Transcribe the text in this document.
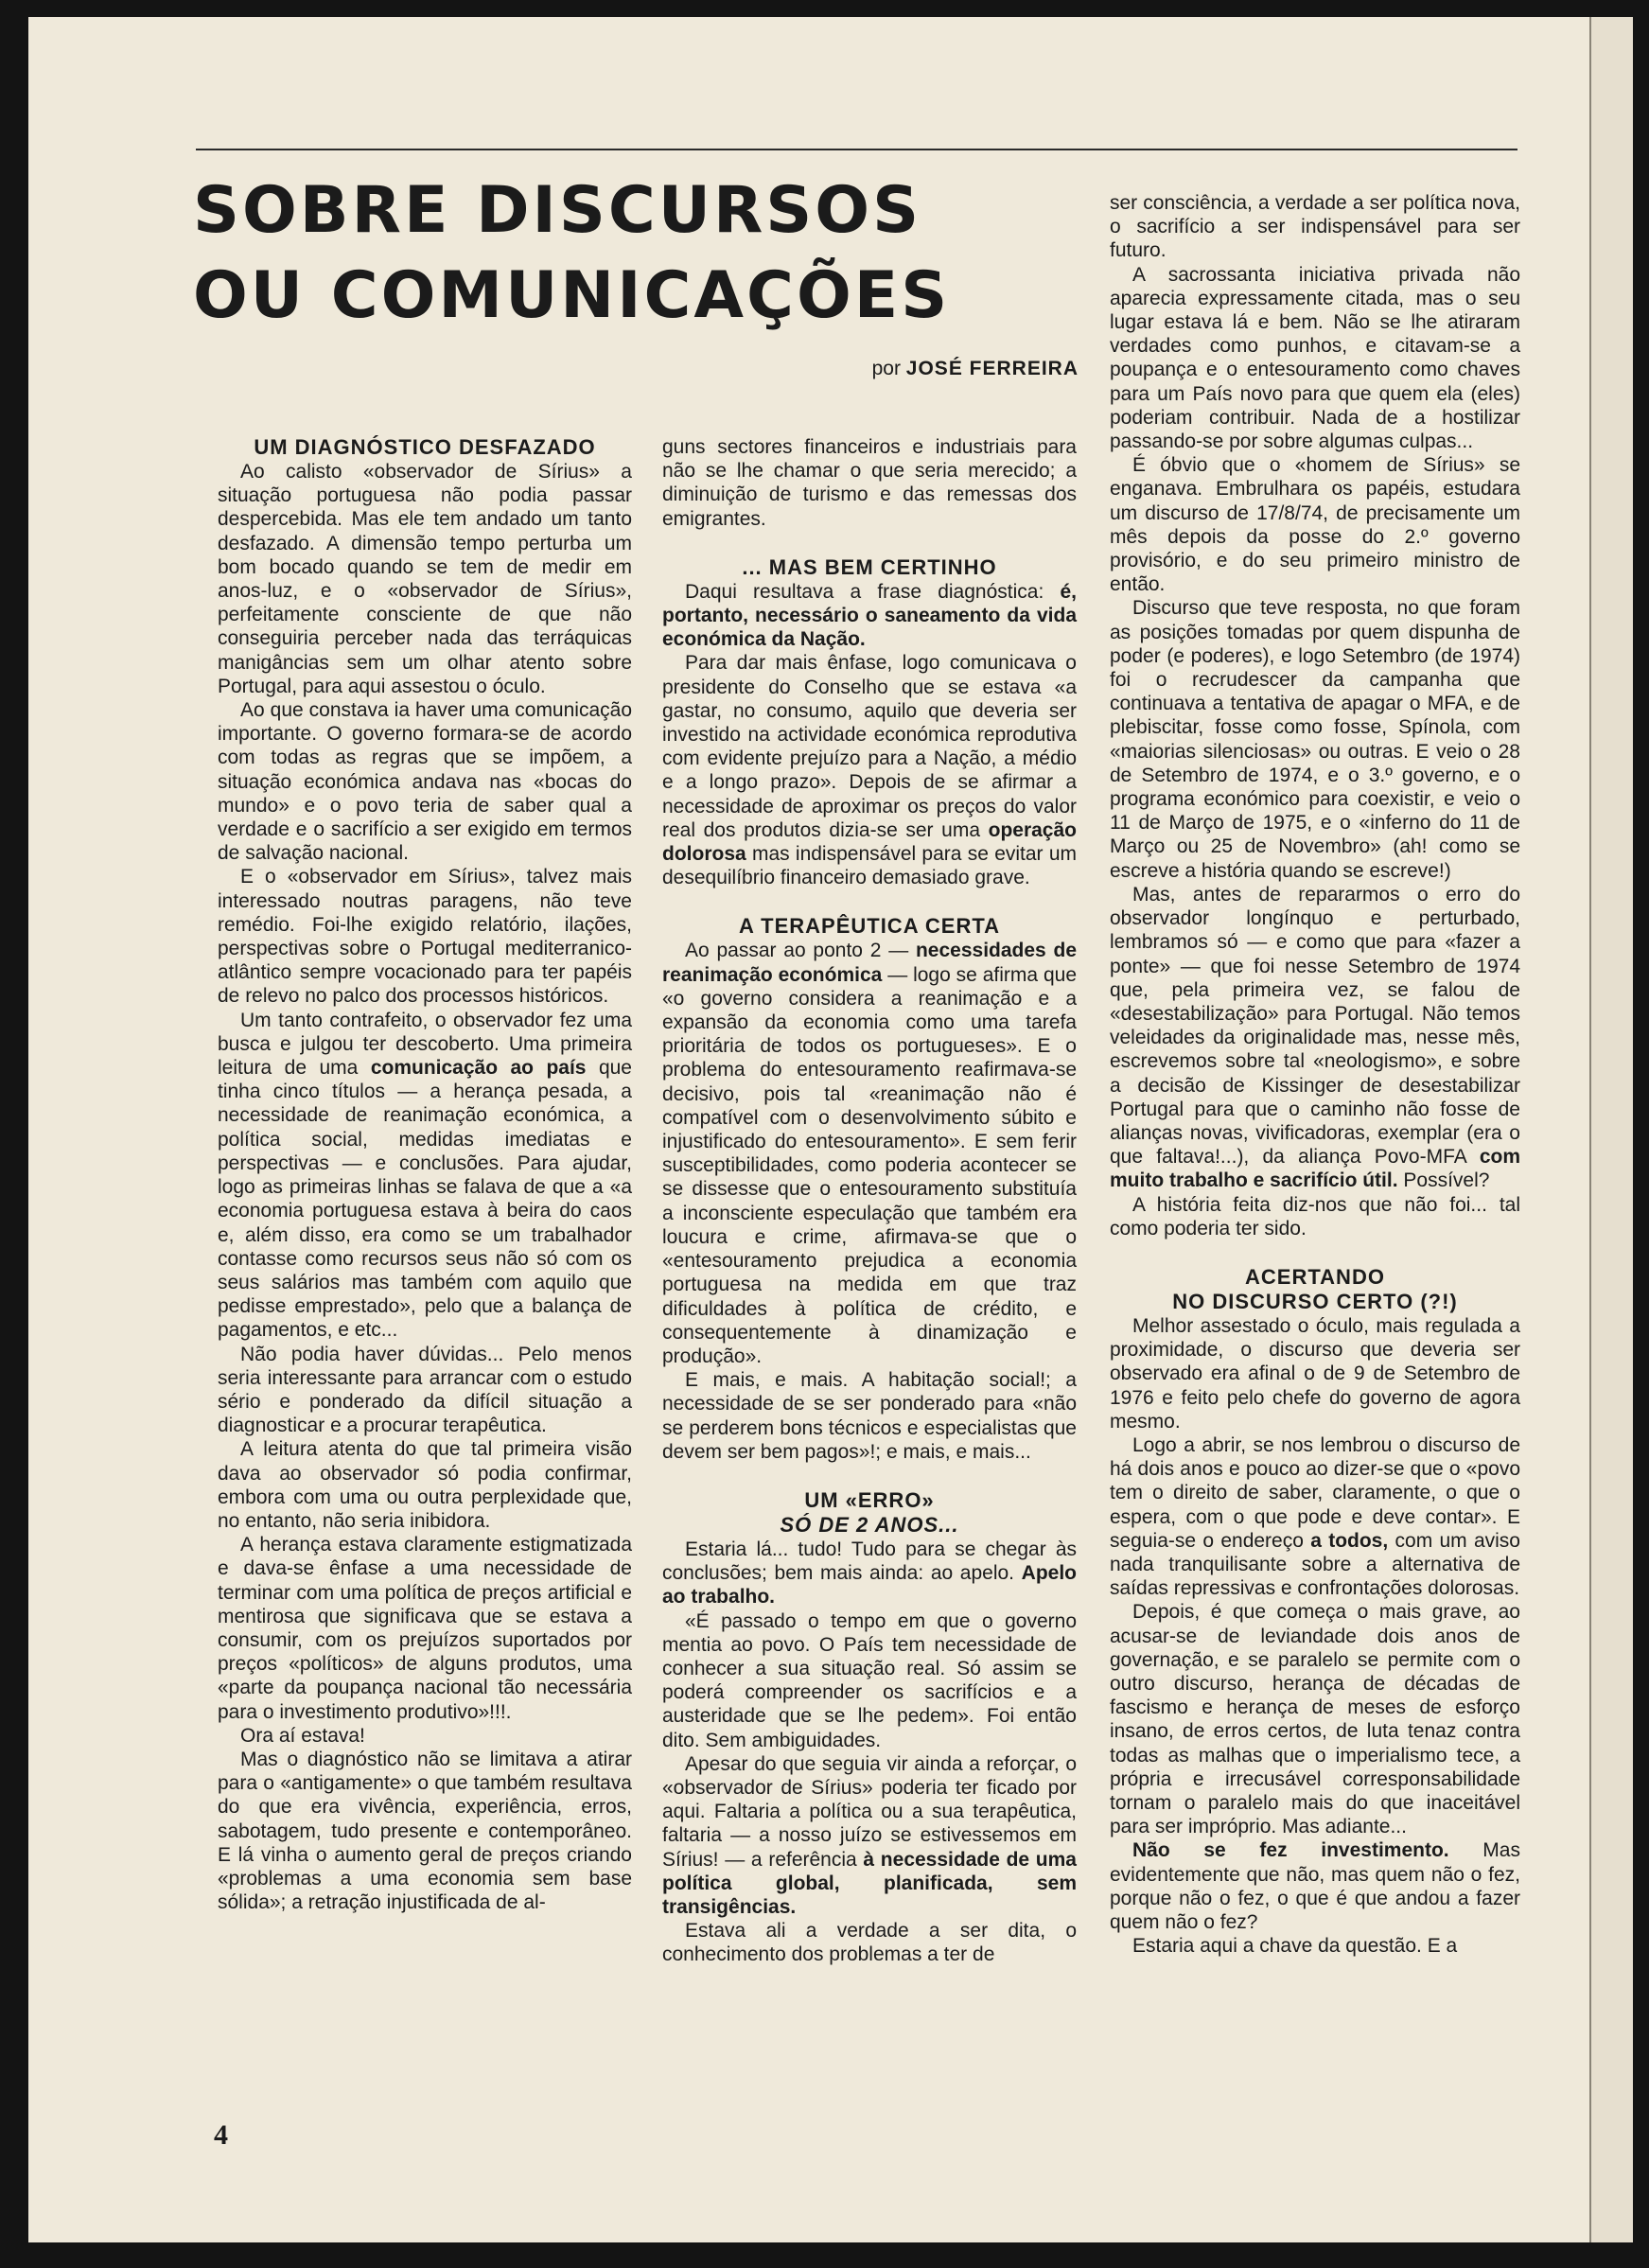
SOBRE DISCURSOS
OU COMUNICAÇÕES
por JOSÉ FERREIRA
UM DIAGNÓSTICO DESFAZADO

Ao calisto «observador de Sírius» a situação portuguesa não podia passar despercebida. Mas ele tem andado um tanto desfazado. A dimensão tempo perturba um bom bocado quando se tem de medir em anos-luz, e o «observador de Sírius», perfeitamente consciente de que não conseguiria perceber nada das terráquicas manigâncias sem um olhar atento sobre Portugal, para aqui assestou o óculo.

Ao que constava ia haver uma comunicação importante. O governo formara-se de acordo com todas as regras que se impõem, a situação económica andava nas «bocas do mundo» e o povo teria de saber qual a verdade e o sacrifício a ser exigido em termos de salvação nacional.

E o «observador em Sírius», talvez mais interessado noutras paragens, não teve remédio. Foi-lhe exigido relatório, ilações, perspectivas sobre o Portugal mediterranico-atlântico sempre vocacionado para ter papéis de relevo no palco dos processos históricos.

Um tanto contrafeito, o observador fez uma busca e julgou ter descoberto. Uma primeira leitura de uma comunicação ao país que tinha cinco títulos — a herança pesada, a necessidade de reanimação económica, a política social, medidas imediatas e perspectivas — e conclusões. Para ajudar, logo as primeiras linhas se falava de que a «a economia portuguesa estava à beira do caos e, além disso, era como se um trabalhador contasse como recursos seus não só com os seus salários mas também com aquilo que pedisse emprestado», pelo que a balança de pagamentos, e etc...

Não podia haver dúvidas... Pelo menos seria interessante para arrancar com o estudo sério e ponderado da difícil situação a diagnosticar e a procurar terapêutica.

A leitura atenta do que tal primeira visão dava ao observador só podia confirmar, embora com uma ou outra perplexidade que, no entanto, não seria inibidora.

A herança estava claramente estigmatizada e dava-se ênfase a uma necessidade de terminar com uma política de preços artificial e mentirosa que significava que se estava a consumir, com os prejuízos suportados por preços «políticos» de alguns produtos, uma «parte da poupança nacional tão necessária para o investimento produtivo»!!!.

Ora aí estava!

Mas o diagnóstico não se limitava a atirar para o «antigamente» o que também resultava do que era vivência, experiência, erros, sabotagem, tudo presente e contemporâneo. E lá vinha o aumento geral de preços criando «problemas a uma economia sem base sólida»; a retração injustificada de al-

guns sectores financeiros e industriais para não se lhe chamar o que seria merecido; a diminuição de turismo e das remessas dos emigrantes.

... MAS BEM CERTINHO

Daqui resultava a frase diagnóstica: é, portanto, necessário o saneamento da vida económica da Nação.

Para dar mais ênfase, logo comunicava o presidente do Conselho que se estava «a gastar, no consumo, aquilo que deveria ser investido na actividade económica reprodutiva com evidente prejuízo para a Nação, a médio e a longo prazo». Depois de se afirmar a necessidade de aproximar os preços do valor real dos produtos dizia-se ser uma operação dolorosa mas indispensável para se evitar um desequilíbrio financeiro demasiado grave.

A TERAPÊUTICA CERTA

Ao passar ao ponto 2 — necessidades de reanimação económica — logo se afirma que «o governo considera a reanimação e a expansão da economia como uma tarefa prioritária de todos os portugueses». E o problema do entesouramento reafirmava-se decisivo, pois tal «reanimação não é compatível com o desenvolvimento súbito e injustificado do entesouramento». E sem ferir susceptibilidades, como poderia acontecer se se dissesse que o entesouramento substituía a inconsciente especulação que também era loucura e crime, afirmava-se que o «entesouramento prejudica a economia portuguesa na medida em que traz dificuldades à política de crédito, e consequentemente à dinamização e produção».

E mais, e mais. A habitação social!; a necessidade de se ser ponderado para «não se perderem bons técnicos e especialistas que devem ser bem pagos»!; e mais, e mais...

UM «ERRO»
SÓ DE 2 ANOS...

Estaria lá... tudo! Tudo para se chegar às conclusões; bem mais ainda: ao apelo. Apelo ao trabalho.

«É passado o tempo em que o governo mentia ao povo. O País tem necessidade de conhecer a sua situação real. Só assim se poderá compreender os sacrifícios e a austeridade que se lhe pedem». Foi então dito. Sem ambiguidades.

Apesar do que seguia vir ainda a reforçar, o «observador de Sírius» poderia ter ficado por aqui. Faltaria a política ou a sua terapêutica, faltaria — a nosso juízo se estivessemos em Sírius! — a referência à necessidade de uma política global, planificada, sem transigências.

Estava ali a verdade a ser dita, o conhecimento dos problemas a ter de

ser consciência, a verdade a ser política nova, o sacrifício a ser indispensável para ser futuro.

A sacrossanta iniciativa privada não aparecia expressamente citada, mas o seu lugar estava lá e bem. Não se lhe atiraram verdades como punhos, e citavam-se a poupança e o entesouramento como chaves para um País novo para que quem ela (eles) poderiam contribuir. Nada de a hostilizar passando-se por sobre algumas culpas...

É óbvio que o «homem de Sírius» se enganava. Embrulhara os papéis, estudara um discurso de 17/8/74, de precisamente um mês depois da posse do 2.º governo provisório, e do seu primeiro ministro de então.

Discurso que teve resposta, no que foram as posições tomadas por quem dispunha de poder (e poderes), e logo Setembro (de 1974) foi o recrudescer da campanha que continuava a tentativa de apagar o MFA, e de plebiscitar, fosse como fosse, Spínola, com «maiorias silenciosas» ou outras. E veio o 28 de Setembro de 1974, e o 3.º governo, e o programa económico para coexistir, e veio o 11 de Março de 1975, e o «inferno do 11 de Março ou 25 de Novembro» (ah! como se escreve a história quando se escreve!)

Mas, antes de repararmos o erro do observador longínquo e perturbado, lembramos só — e como que para «fazer a ponte» — que foi nesse Setembro de 1974 que, pela primeira vez, se falou de «desestabilização» para Portugal. Não temos veleidades da originalidade mas, nesse mês, escrevemos sobre tal «neologismo», e sobre a decisão de Kissinger de desestabilizar Portugal para que o caminho não fosse de alianças novas, vivificadoras, exemplar (era o que faltava!...), da aliança Povo-MFA com muito trabalho e sacrifício útil. Possível?

A história feita diz-nos que não foi... tal como poderia ter sido.

ACERTANDO
NO DISCURSO CERTO (?!)

Melhor assestado o óculo, mais regulada a proximidade, o discurso que deveria ser observado era afinal o de 9 de Setembro de 1976 e feito pelo chefe do governo de agora mesmo.

Logo a abrir, se nos lembrou o discurso de há dois anos e pouco ao dizer-se que o «povo tem o direito de saber, claramente, o que o espera, com o que pode e deve contar». E seguia-se o endereço a todos, com um aviso nada tranquilisante sobre a alternativa de saídas repressivas e confrontações dolorosas.

Depois, é que começa o mais grave, ao acusar-se de leviandade dois anos de governação, e se paralelo se permite com o outro discurso, herança de décadas de fascismo e herança de meses de esforço insano, de erros certos, de luta tenaz contra todas as malhas que o imperialismo tece, a própria e irrecusável corresponsabilidade tornam o paralelo mais do que inaceitável para ser impróprio. Mas adiante...

Não se fez investimento. Mas evidentemente que não, mas quem não o fez, porque não o fez, o que é que andou a fazer quem não o fez?

Estaria aqui a chave da questão. E a

4
